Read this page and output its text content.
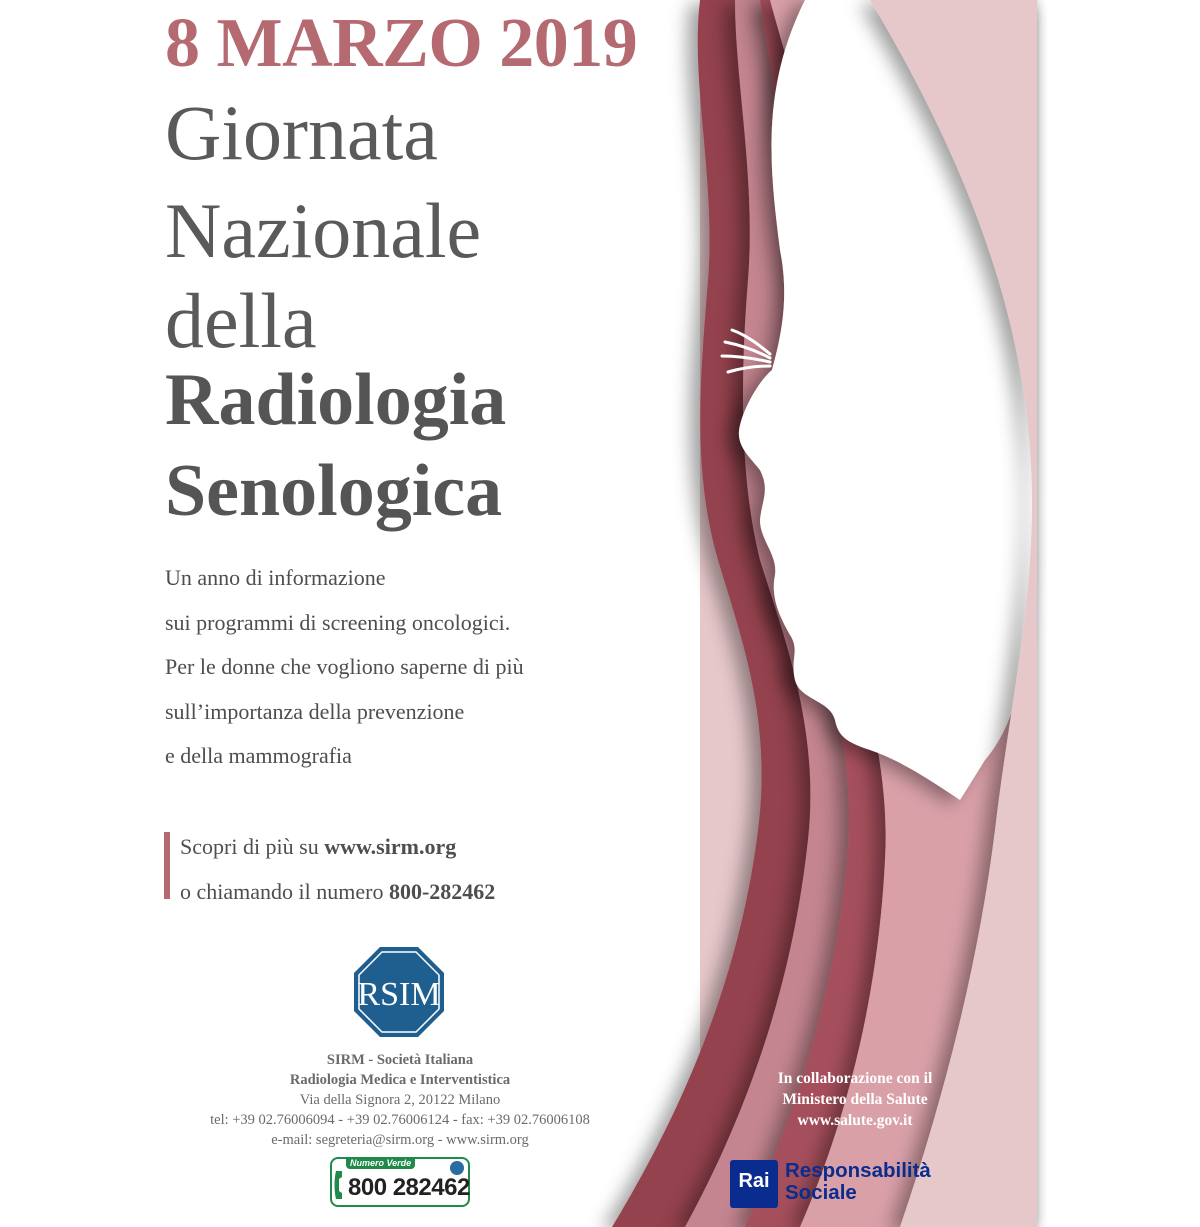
8 MARZO 2019
Giornata
Nazionale
della
Radiologia
Senologica
Un anno di informazione
sui programmi di screening oncologici.
Per le donne che vogliono saperne di più
sull’importanza della prevenzione
e della mammografia
Scopri di più su www.sirm.org
o chiamando il numero 800-282462
RSIM
SIRM - Società Italiana
Radiologia Medica e Interventistica
Via della Signora 2, 20122 Milano
tel: +39 02.76006094 - +39 02.76006124 - fax: +39 02.76006108
e-mail: segreteria@sirm.org - www.sirm.org
Numero Verde
800 282462
In collaborazione con il
Ministero della Salute
www.salute.gov.it
Rai Responsabilità
Sociale
